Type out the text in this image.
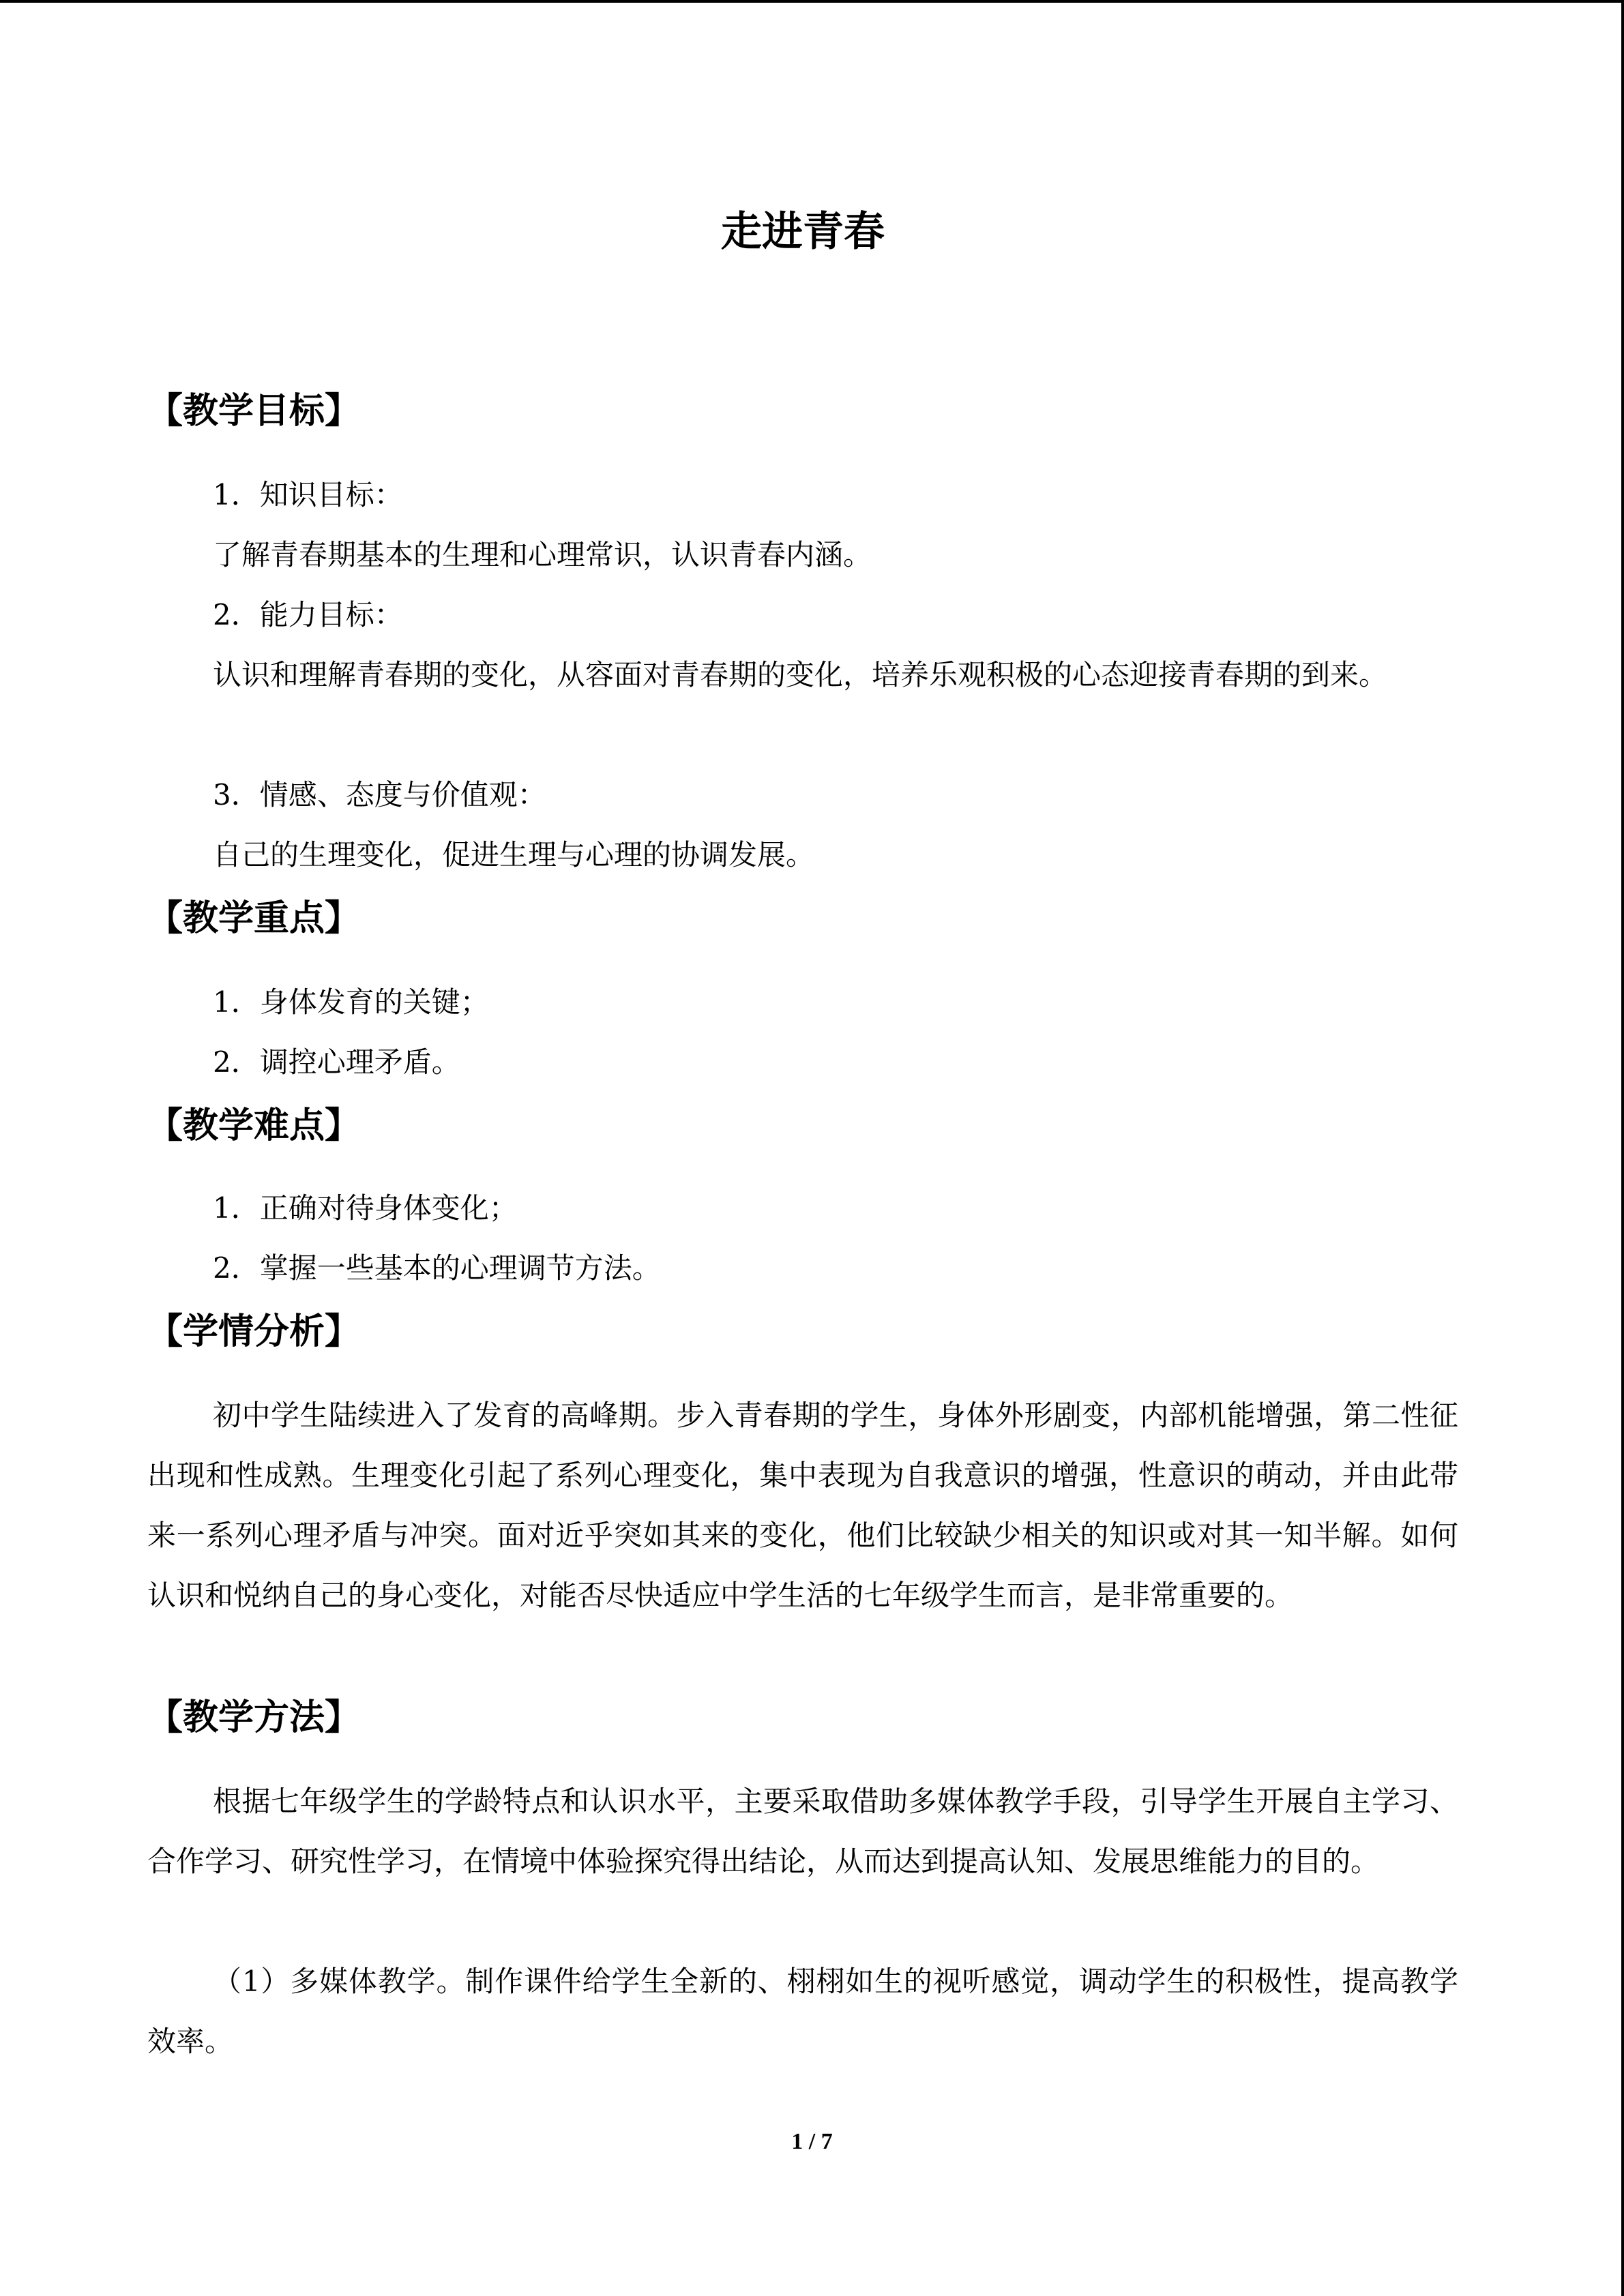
走进青春
【教学目标】
1．知识目标：
了解青春期基本的生理和心理常识，认识青春内涵。
2．能力目标：
认识和理解青春期的变化，从容面对青春期的变化，培养乐观积极的心态迎接青春期的到来。
3．情感、态度与价值观：
自己的生理变化，促进生理与心理的协调发展。
【教学重点】
1．身体发育的关键；
2．调控心理矛盾。
【教学难点】
1．正确对待身体变化；
2．掌握一些基本的心理调节方法。
【学情分析】
初中学生陆续进入了发育的高峰期。步入青春期的学生，身体外形剧变，内部机能增强，第二性征出现和性成熟。生理变化引起了系列心理变化，集中表现为自我意识的增强，性意识的萌动，并由此带来一系列心理矛盾与冲突。面对近乎突如其来的变化，他们比较缺少相关的知识或对其一知半解。如何认识和悦纳自己的身心变化，对能否尽快适应中学生活的七年级学生而言，是非常重要的。
【教学方法】
根据七年级学生的学龄特点和认识水平，主要采取借助多媒体教学手段，引导学生开展自主学习、合作学习、研究性学习，在情境中体验探究得出结论，从而达到提高认知、发展思维能力的目的。
（1）多媒体教学。制作课件给学生全新的、栩栩如生的视听感觉，调动学生的积极性，提高教学效率。
1 / 7
